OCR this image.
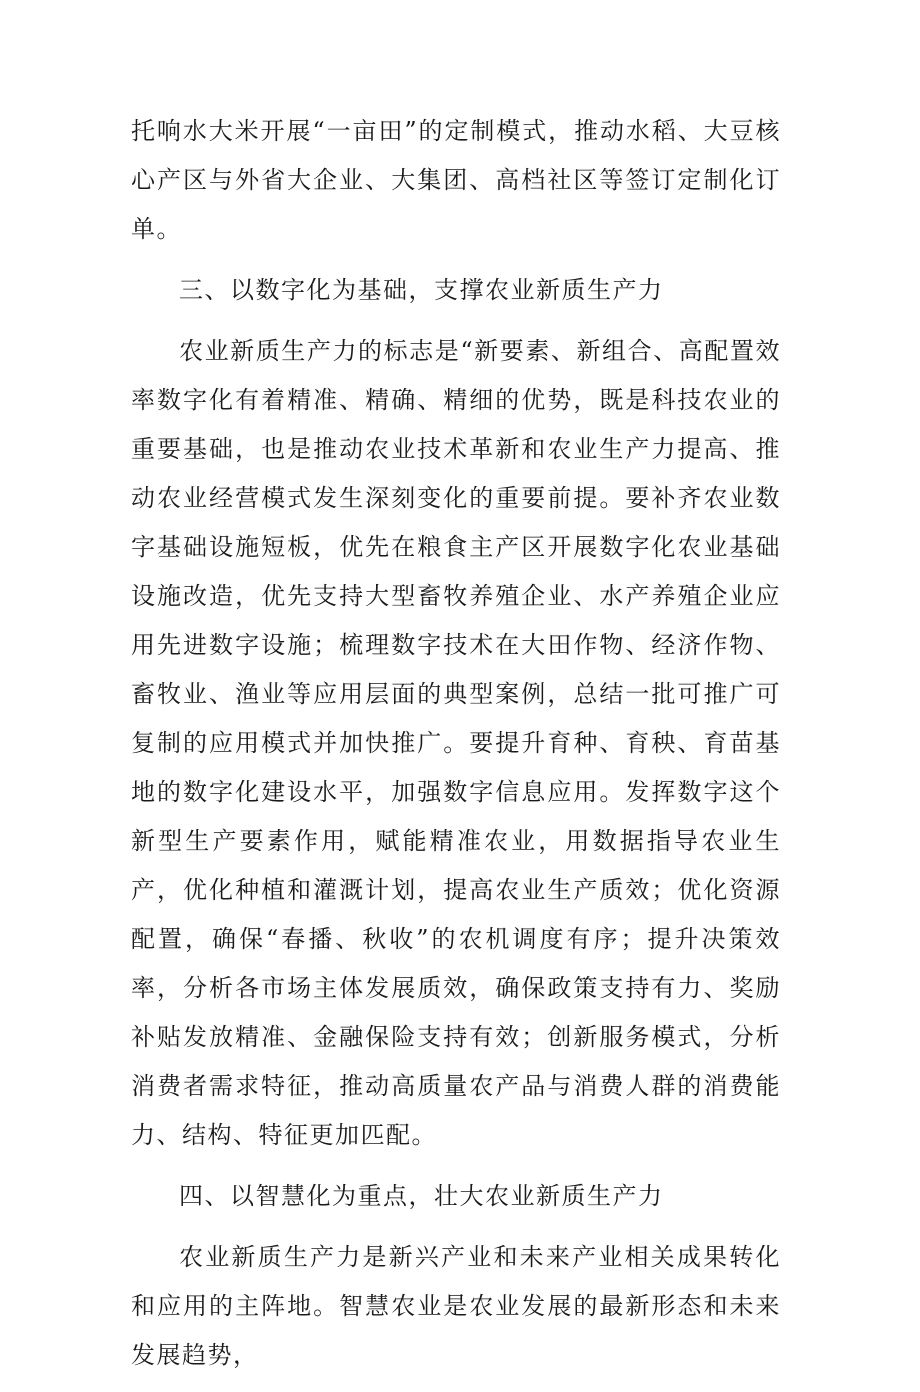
托响水大米开展“一亩田”的定制模式，推动水稻、大豆核心产区与外省大企业、大集团、高档社区等签订定制化订单。

三、以数字化为基础，支撑农业新质生产力

农业新质生产力的标志是“新要素、新组合、高配置效率数字化有着精准、精确、精细的优势，既是科技农业的重要基础，也是推动农业技术革新和农业生产力提高、推动农业经营模式发生深刻变化的重要前提。要补齐农业数字基础设施短板，优先在粮食主产区开展数字化农业基础设施改造，优先支持大型畜牧养殖企业、水产养殖企业应用先进数字设施；梳理数字技术在大田作物、经济作物、畜牧业、渔业等应用层面的典型案例，总结一批可推广可复制的应用模式并加快推广。要提升育种、育秧、育苗基地的数字化建设水平，加强数字信息应用。发挥数字这个新型生产要素作用，赋能精准农业，用数据指导农业生产，优化种植和灌溉计划，提高农业生产质效；优化资源配置，确保“春播、秋收”的农机调度有序；提升决策效率，分析各市场主体发展质效，确保政策支持有力、奖励补贴发放精准、金融保险支持有效；创新服务模式，分析消费者需求特征，推动高质量农产品与消费人群的消费能力、结构、特征更加匹配。

四、以智慧化为重点，壮大农业新质生产力

农业新质生产力是新兴产业和未来产业相关成果转化和应用的主阵地。智慧农业是农业发展的最新形态和未来发展趋势，
